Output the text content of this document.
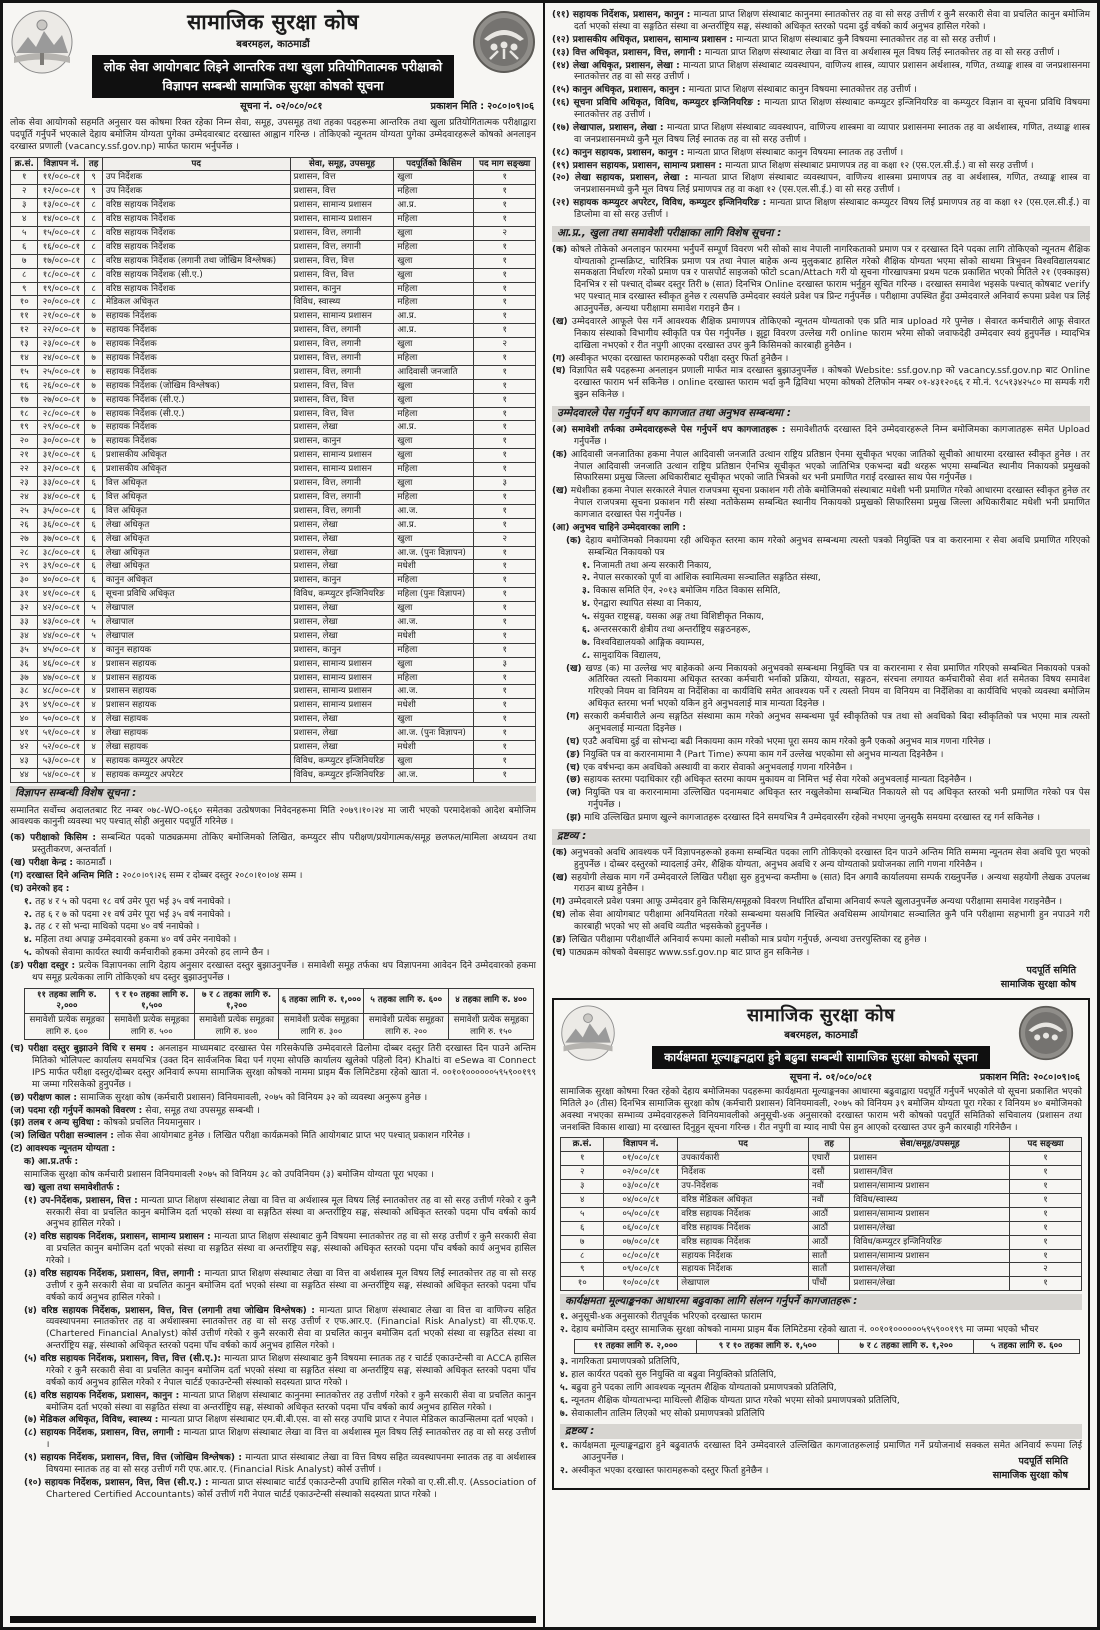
सामाजिक सुरक्षा कोष
बबरमहल, काठमाडौं
लोक सेवा आयोगबाट लिइने आन्तरिक तथा खुला प्रतियोगितात्मक परीक्षाको
विज्ञापन सम्बन्धी सामाजिक सुरक्षा कोषको सूचना
सूचना नं. ०२/०८०/०८१	प्रकाशन मिति : २०८०।०९।०६
लोक सेवा आयोगको सहमति अनुसार यस कोषमा रिक्त रहेका निम्न सेवा, समूह, उपसमूह तथा तहका पदहरूमा आन्तरिक तथा खुला प्रतियोगितात्मक परीक्षाद्वारा पदपूर्ति गर्नुपर्ने भएकाले देहाय बमोजिम योग्यता पुगेका उम्मेदवारबाट दरखास्त आह्वान गरिन्छ । तोकिएको न्यूनतम योग्यता पुगेका उम्मेदवारहरूले कोषको अनलाइन दरखास्त प्रणाली (vacancy.ssf.gov.np) मार्फत फाराम भर्नुपर्नेछ ।
क्र.सं.	विज्ञापन नं.	तह	पद	सेवा, समूह, उपसमूह	पदपूर्तिको किसिम	पद माग सङ्ख्या
१	११/०८०-८१	९	उप निर्देशक	प्रशासन, वित्त	खुला	१
२	१२/०८०-८१	९	उप निर्देशक	प्रशासन, वित्त	महिला	१
३	१३/०८०-८१	८	वरिष्ठ सहायक निर्देशक	प्रशासन, सामान्य प्रशासन	आ.प्र.	१
४	१४/०८०-८१	८	वरिष्ठ सहायक निर्देशक	प्रशासन, सामान्य प्रशासन	महिला	१
५	१५/०८०-८१	८	वरिष्ठ सहायक निर्देशक	प्रशासन, वित्त, लगानी	खुला	२
६	१६/०८०-८१	८	वरिष्ठ सहायक निर्देशक	प्रशासन, वित्त, लगानी	महिला	१
७	१७/०८०-८१	८	वरिष्ठ सहायक निर्देशक (लगानी तथा जोखिम विश्लेषक)	प्रशासन, वित्त, वित्त	खुला	१
८	१८/०८०-८१	८	वरिष्ठ सहायक निर्देशक (सी.ए.)	प्रशासन, वित्त, वित्त	खुला	१
९	१९/०८०-८१	८	वरिष्ठ सहायक निर्देशक	प्रशासन, कानुन	महिला	१
१०	२०/०८०-८१	८	मेडिकल अधिकृत	विविध, स्वास्थ्य	महिला	१
११	२१/०८०-८१	७	सहायक निर्देशक	प्रशासन, सामान्य प्रशासन	आ.प्र.	१
१२	२२/०८०-८१	७	सहायक निर्देशक	प्रशासन, वित्त, लगानी	आ.प्र.	१
१३	२३/०८०-८१	७	सहायक निर्देशक	प्रशासन, वित्त, लगानी	खुला	२
१४	२४/०८०-८१	७	सहायक निर्देशक	प्रशासन, वित्त, लगानी	महिला	१
१५	२५/०८०-८१	७	सहायक निर्देशक	प्रशासन, वित्त, लगानी	आदिवासी जनजाति	१
१६	२६/०८०-८१	७	सहायक निर्देशक (जोखिम विश्लेषक)	प्रशासन, वित्त, वित्त	खुला	१
१७	२७/०८०-८१	७	सहायक निर्देशक (सी.ए.)	प्रशासन, वित्त, वित्त	खुला	१
१८	२८/०८०-८१	७	सहायक निर्देशक (सी.ए.)	प्रशासन, वित्त, वित्त	महिला	१
१९	२९/०८०-८१	७	सहायक निर्देशक	प्रशासन, लेखा	आ.प्र.	१
२०	३०/०८०-८१	७	सहायक निर्देशक	प्रशासन, कानुन	खुला	१
२१	३१/०८०-८१	६	प्रशासकीय अधिकृत	प्रशासन, सामान्य प्रशासन	खुला	१
२२	३२/०८०-८१	६	प्रशासकीय अधिकृत	प्रशासन, सामान्य प्रशासन	महिला	१
२३	३३/०८०-८१	६	वित्त अधिकृत	प्रशासन, वित्त, लगानी	खुला	३
२४	३४/०८०-८१	६	वित्त अधिकृत	प्रशासन, वित्त, लगानी	महिला	१
२५	३५/०८०-८१	६	वित्त अधिकृत	प्रशासन, वित्त, लगानी	आ.ज.	१
२६	३६/०८०-८१	६	लेखा अधिकृत	प्रशासन, लेखा	आ.प्र.	१
२७	३७/०८०-८१	६	लेखा अधिकृत	प्रशासन, लेखा	खुला	२
२८	३८/०८०-८१	६	लेखा अधिकृत	प्रशासन, लेखा	आ.ज. (पुनः विज्ञापन)	१
२९	३९/०८०-८१	६	लेखा अधिकृत	प्रशासन, लेखा	मधेशी	१
३०	४०/०८०-८१	६	कानुन अधिकृत	प्रशासन, कानुन	महिला	१
३१	४१/०८०-८१	६	सूचना प्रविधि अधिकृत	विविध, कम्प्युटर इन्जिनियरिङ	महिला (पुनः विज्ञापन)	१
३२	४२/०८०-८१	५	लेखापाल	प्रशासन, लेखा	खुला	१
३३	४३/०८०-८१	५	लेखापाल	प्रशासन, लेखा	आ.ज.	१
३४	४४/०८०-८१	५	लेखापाल	प्रशासन, लेखा	मधेशी	१
३५	४५/०८०-८१	४	कानुन सहायक	प्रशासन, कानुन	महिला	१
३६	४६/०८०-८१	४	प्रशासन सहायक	प्रशासन, सामान्य प्रशासन	खुला	३
३७	४७/०८०-८१	४	प्रशासन सहायक	प्रशासन, सामान्य प्रशासन	महिला	१
३८	४८/०८०-८१	४	प्रशासन सहायक	प्रशासन, सामान्य प्रशासन	आ.ज.	१
३९	४९/०८०-८१	४	प्रशासन सहायक	प्रशासन, सामान्य प्रशासन	मधेशी	१
४०	५०/०८०-८१	४	लेखा सहायक	प्रशासन, लेखा	खुला	१
४१	५१/०८०-८१	४	लेखा सहायक	प्रशासन, लेखा	आ.ज. (पुनः विज्ञापन)	१
४२	५२/०८०-८१	४	लेखा सहायक	प्रशासन, लेखा	मधेशी	१
४३	५३/०८०-८१	४	सहायक कम्प्युटर अपरेटर	विविध, कम्प्युटर इन्जिनियरिङ	खुला	१
४४	५४/०८०-८१	४	सहायक कम्प्युटर अपरेटर	विविध, कम्प्युटर इन्जिनियरिङ	आ.ज.	१
विज्ञापन सम्बन्धी विशेष सूचना :
सम्मानित सर्वोच्च अदालतबाट रिट नम्बर ०७८-WO-०६६० समेतका उत्प्रेषणका निवेदनहरूमा मिति २०७९।१०।२४ मा जारी भएको परमादेशको आदेश बमोजिम आवश्यक कानुनी व्यवस्था भए पश्चात् सोही अनुसार पदपूर्ति गरिनेछ ।
(क) परीक्षाको किसिम : सम्बन्धित पदको पाठ्यक्रममा तोकिए बमोजिमको लिखित, कम्प्युटर सीप परीक्षण/प्रयोगात्मक/समूह छलफल/मामिला अध्ययन तथा प्रस्तुतीकरण, अन्तर्वार्ता ।
(ख) परीक्षा केन्द्र : काठमाडौं ।
(ग) दरखास्त दिने अन्तिम मिति : २०८०।०९।२६ सम्म र दोब्बर दस्तुर २०८०।१०।०४ सम्म ।
(घ) उमेरको हद :
१. तह ४ र ५ को पदमा १८ वर्ष उमेर पूरा भई ३५ वर्ष ननाघेको ।
२. तह ६ र ७ को पदमा २१ वर्ष उमेर पूरा भई ३५ वर्ष ननाघेको ।
३. तह ८ र सो भन्दा माथिको पदमा ४० वर्ष ननाघेको ।
४. महिला तथा अपाङ्ग उम्मेदवारको हकमा ४० वर्ष उमेर ननाघेको ।
५. कोषको सेवामा कार्यरत स्थायी कर्मचारीको हकमा उमेरको हद लाग्ने छैन ।
(ङ) परीक्षा दस्तुर : प्रत्येक विज्ञापनका लागि देहाय अनुसार दरखास्त दस्तुर बुझाउनुपर्नेछ । समावेशी समूह तर्फका थप विज्ञापनमा आवेदन दिने उम्मेदवारको हकमा थप समूह प्रत्येकका लागि तोकिएको थप दस्तुर बुझाउनुपर्नेछ ।
११ तहका लागि रु. २,०००	९ र १० तहका लागि रु. १,५००	७ र ८ तहका लागि रु. १,२००	६ तहका लागि रु. १,०००	५ तहका लागि रु. ६००	४ तहका लागि रु. ४००
समावेशी प्रत्येक समूहका लागि रु. ६००	समावेशी प्रत्येक समूहका लागि रु. ५००	समावेशी प्रत्येक समूहका लागि रु. ४००	समावेशी प्रत्येक समूहका लागि रु. ३००	समावेशी प्रत्येक समूहका लागि रु. २००	समावेशी प्रत्येक समूहका लागि रु. १५०
(च) परीक्षा दस्तुर बुझाउने विधि र समय : अनलाइन माध्यमबाट दरखास्त पेस गरिसकेपछि उम्मेदवारले ढिलोमा दोब्बर दस्तुर तिरी दरखास्त दिन पाउने अन्तिम मितिको भोलिपल्ट कार्यालय समयभित्र (उक्त दिन सार्वजनिक बिदा पर्न गएमा सोपछि कार्यालय खुलेको पहिलो दिन) Khalti वा eSewa वा Connect IPS मार्फत परीक्षा दस्तुर/दोब्बर दस्तुर अनिवार्य रूपमा सामाजिक सुरक्षा कोषको नाममा प्राइम बैंक लिमिटेडमा रहेको खाता नं. ००१०१००००००५९५९००१९९ मा जम्मा गरिसकेको हुनुपर्नेछ ।
(छ) परीक्षण काल : सामाजिक सुरक्षा कोष (कर्मचारी प्रशासन) विनियमावली, २०७५ को विनियम ३२ को व्यवस्था अनुरूप हुनेछ ।
(ज) पदमा रही गर्नुपर्ने कामको विवरण : सेवा, समूह तथा उपसमूह सम्बन्धी ।
(झ) तलब र अन्य सुविधा : कोषको प्रचलित नियमानुसार ।
(ञ) लिखित परीक्षा सञ्चालन : लोक सेवा आयोगबाट हुनेछ । लिखित परीक्षा कार्यक्रमको मिति आयोगबाट प्राप्त भए पश्चात् प्रकाशन गरिनेछ ।
(ट) आवश्यक न्यूनतम योग्यता :
क) आ.प्र.तर्फ :
सामाजिक सुरक्षा कोष कर्मचारी प्रशासन विनियमावली २०७५ को विनियम ३८ को उपविनियम (३) बमोजिम योग्यता पूरा भएका ।
ख) खुला तथा समावेशीतर्फ :
(१) उप-निर्देशक, प्रशासन, वित्त : मान्यता प्राप्त शिक्षण संस्थाबाट लेखा वा वित्त वा अर्थशास्त्र मूल विषय लिई स्नातकोत्तर तह वा सो सरह उत्तीर्ण गरेको र कुनै सरकारी सेवा वा प्रचलित कानुन बमोजिम दर्ता भएको संस्था वा सङ्गठित संस्था वा अन्तर्राष्ट्रिय सङ्घ, संस्थाको अधिकृत स्तरको पदमा पाँच वर्षको कार्य अनुभव हासिल गरेको ।
(२) वरिष्ठ सहायक निर्देशक, प्रशासन, सामान्य प्रशासन : मान्यता प्राप्त शिक्षण संस्थाबाट कुनै विषयमा स्नातकोत्तर तह वा सो सरह उत्तीर्ण र कुनै सरकारी सेवा वा प्रचलित कानुन बमोजिम दर्ता भएको संस्था वा सङ्गठित संस्था वा अन्तर्राष्ट्रिय सङ्घ, संस्थाको अधिकृत स्तरको पदमा पाँच वर्षको कार्य अनुभव हासिल गरेको ।
(३) वरिष्ठ सहायक निर्देशक, प्रशासन, वित्त, लगानी : मान्यता प्राप्त शिक्षण संस्थाबाट लेखा वा वित्त वा अर्थशास्त्र मूल विषय लिई स्नातकोत्तर तह वा सो सरह उत्तीर्ण र कुनै सरकारी सेवा वा प्रचलित कानुन बमोजिम दर्ता भएको संस्था वा सङ्गठित संस्था वा अन्तर्राष्ट्रिय सङ्घ, संस्थाको अधिकृत स्तरको पदमा पाँच वर्षको कार्य अनुभव हासिल गरेको ।
(४) वरिष्ठ सहायक निर्देशक, प्रशासन, वित्त, वित्त (लगानी तथा जोखिम विश्लेषक) : मान्यता प्राप्त शिक्षण संस्थाबाट लेखा वा वित्त वा वाणिज्य सहित व्यवस्थापनमा स्नातकोत्तर तह वा अर्थशास्त्रमा स्नातकोत्तर तह वा सो सरह उत्तीर्ण र एफ.आर.ए. (Financial Risk Analyst) वा सी.एफ.ए. (Chartered Financial Analyst) कोर्स उत्तीर्ण गरेको र कुनै सरकारी सेवा वा प्रचलित कानुन बमोजिम दर्ता भएको संस्था वा सङ्गठित संस्था वा अन्तर्राष्ट्रिय सङ्घ, संस्थाको अधिकृत स्तरको पदमा पाँच वर्षको कार्य अनुभव हासिल गरेको ।
(५) वरिष्ठ सहायक निर्देशक, प्रशासन, वित्त, वित्त (सी.ए.): मान्यता प्राप्त शिक्षण संस्थाबाट कुनै विषयमा स्नातक तह र चार्टर्ड एकाउन्टेन्सी वा ACCA हासिल गरेको र कुनै सरकारी सेवा वा प्रचलित कानुन बमोजिम दर्ता भएको संस्था वा सङ्गठित संस्था वा अन्तर्राष्ट्रिय सङ्घ, संस्थाको अधिकृत स्तरको पदमा पाँच वर्षको कार्य अनुभव हासिल गरेको र नेपाल चार्टर्ड एकाउन्टेन्सी संस्थाको सदस्यता प्राप्त गरेको ।
(६) वरिष्ठ सहायक निर्देशक, प्रशासन, कानुन : मान्यता प्राप्त शिक्षण संस्थाबाट कानुनमा स्नातकोत्तर तह उत्तीर्ण गरेको र कुनै सरकारी सेवा वा प्रचलित कानुन बमोजिम दर्ता भएको संस्था वा सङ्गठित संस्था वा अन्तर्राष्ट्रिय सङ्घ, संस्थाको अधिकृत स्तरको पदमा पाँच वर्षको कार्य अनुभव हासिल गरेको ।
(७) मेडिकल अधिकृत, विविध, स्वास्थ्य : मान्यता प्राप्त शिक्षण संस्थाबाट एम.बी.बी.एस. वा सो सरह उपाधि प्राप्त र नेपाल मेडिकल काउन्सिलमा दर्ता भएको ।
(८) सहायक निर्देशक, प्रशासन, वित्त, लगानी : मान्यता प्राप्त शिक्षण संस्थाबाट लेखा वा वित्त वा अर्थशास्त्र मूल विषय लिई स्नातकोत्तर तह वा सो सरह उत्तीर्ण ।
(९) सहायक निर्देशक, प्रशासन, वित्त, वित्त (जोखिम विश्लेषक) : मान्यता प्राप्त संस्थाबाट लेखा वा वित्त विषय सहित व्यवस्थापनमा स्नातक तह वा अर्थशास्त्र विषयमा स्नातक तह वा सो सरह उत्तीर्ण गरी एफ.आर.ए. (Financial Risk Analyst) कोर्स उत्तीर्ण ।
(१०) सहायक निर्देशक, प्रशासन, वित्त, वित्त (सी.ए.) : मान्यता प्राप्त संस्थाबाट चार्टर्ड एकाउन्टेन्सी उपाधि हासिल गरेको वा ए.सी.सी.ए. (Association of Chartered Certified Accountants) कोर्स उत्तीर्ण गरी नेपाल चार्टर्ड एकाउन्टेन्सी संस्थाको सदस्यता प्राप्त गरेको ।
(११) सहायक निर्देशक, प्रशासन, कानुन : मान्यता प्राप्त शिक्षण संस्थाबाट कानुनमा स्नातकोत्तर तह वा सो सरह उत्तीर्ण र कुनै सरकारी सेवा वा प्रचलित कानुन बमोजिम दर्ता भएको संस्था वा सङ्गठित संस्था वा अन्तर्राष्ट्रिय सङ्घ, संस्थाको अधिकृत स्तरको पदमा दुई वर्षको कार्य अनुभव हासिल गरेको ।
(१२) प्रशासकीय अधिकृत, प्रशासन, सामान्य प्रशासन : मान्यता प्राप्त शिक्षण संस्थाबाट कुनै विषयमा स्नातकोत्तर तह वा सो सरह उत्तीर्ण ।
(१३) वित्त अधिकृत, प्रशासन, वित्त, लगानी : मान्यता प्राप्त शिक्षण संस्थाबाट लेखा वा वित्त वा अर्थशास्त्र मूल विषय लिई स्नातकोत्तर तह वा सो सरह उत्तीर्ण ।
(१४) लेखा अधिकृत, प्रशासन, लेखा : मान्यता प्राप्त शिक्षण संस्थाबाट व्यवस्थापन, वाणिज्य शास्त्र, व्यापार प्रशासन अर्थशास्त्र, गणित, तथ्याङ्क शास्त्र वा जनप्रशासनमा स्नातकोत्तर तह वा सो सरह उत्तीर्ण ।
(१५) कानुन अधिकृत, प्रशासन, कानुन : मान्यता प्राप्त शिक्षण संस्थाबाट कानुन विषयमा स्नातकोत्तर तह उत्तीर्ण ।
(१६) सूचना प्रविधि अधिकृत, विविध, कम्प्युटर इन्जिनियरिङ : मान्यता प्राप्त शिक्षण संस्थाबाट कम्प्युटर इन्जिनियरिङ वा कम्प्युटर विज्ञान वा सूचना प्रविधि विषयमा स्नातकोत्तर तह उत्तीर्ण ।
(१७) लेखापाल, प्रशासन, लेखा : मान्यता प्राप्त शिक्षण संस्थाबाट व्यवस्थापन, वाणिज्य शास्त्रमा वा व्यापार प्रशासनमा स्नातक तह वा अर्थशास्त्र, गणित, तथ्याङ्क शास्त्र वा जनप्रशासनमध्ये कुनै मूल विषय लिई स्नातक तह वा सो सरह उत्तीर्ण ।
(१८) कानुन सहायक, प्रशासन, कानुन : मान्यता प्राप्त शिक्षण संस्थाबाट कानुन विषयमा स्नातक तह उत्तीर्ण ।
(१९) प्रशासन सहायक, प्रशासन, सामान्य प्रशासन : मान्यता प्राप्त शिक्षण संस्थाबाट प्रमाणपत्र तह वा कक्षा १२ (एस.एल.सी.ई.) वा सो सरह उत्तीर्ण ।
(२०) लेखा सहायक, प्रशासन, लेखा : मान्यता प्राप्त शिक्षण संस्थाबाट व्यवस्थापन, वाणिज्य शास्त्रमा प्रमाणपत्र तह वा अर्थशास्त्र, गणित, तथ्याङ्क शास्त्र वा जनप्रशासनमध्ये कुनै मूल विषय लिई प्रमाणपत्र तह वा कक्षा १२ (एस.एल.सी.ई.) वा सो सरह उत्तीर्ण ।
(२१) सहायक कम्प्युटर अपरेटर, विविध, कम्प्युटर इन्जिनियरिङ : मान्यता प्राप्त शिक्षण संस्थाबाट कम्प्युटर विषय लिई प्रमाणपत्र तह वा कक्षा १२ (एस.एल.सी.ई.) वा डिप्लोमा वा सो सरह उत्तीर्ण ।
आ.प्र., खुला तथा समावेशी परीक्षाका लागि विशेष सूचना :
(क) कोषले तोकेको अनलाइन फारममा भर्नुपर्ने सम्पूर्ण विवरण भरी सोको साथ नेपाली नागरिकताको प्रमाण पत्र र दरखास्त दिने पदका लागि तोकिएको न्यूनतम शैक्षिक योग्यताको ट्रान्सक्रिप्ट, चारित्रिक प्रमाण पत्र तथा नेपाल बाहेक अन्य मुलुकबाट हासिल गरेको शैक्षिक योग्यता भएमा सोको साथमा त्रिभुवन विश्वविद्यालयबाट समकक्षता निर्धारण गरेको प्रमाण पत्र र पासपोर्ट साइजको फोटो scan/Attach गरी यो सूचना गोरखापत्रमा प्रथम पटक प्रकाशित भएको मितिले २१ (एक्काइस) दिनभित्र र सो पश्चात् दोब्बर दस्तुर तिरी ७ (सात) दिनभित्र Online दरखास्त फाराम भर्नुहुन सूचित गरिन्छ । दरखास्त समावेश भइसके पश्चात् कोषबाट verify भए पश्चात् मात्र दरखास्त स्वीकृत हुनेछ र त्यसपछि उम्मेदवार स्वयंले प्रवेश पत्र प्रिन्ट गर्नुपर्नेछ । परीक्षामा उपस्थित हुँदा उम्मेदवारले अनिवार्य रूपमा प्रवेश पत्र लिई आउनुपर्नेछ, अन्यथा परीक्षामा समावेश गराइने छैन ।
(ख) उम्मेदवारले आफूले पेस गर्ने आवश्यक शैक्षिक प्रमाणपत्र तोकिएको न्यूनतम योग्यताको एक प्रति मात्र upload गरे पुग्नेछ । सेवारत कर्मचारीले आफू सेवारत निकाय संस्थाको विभागीय स्वीकृति पत्र पेस गर्नुपर्नेछ । झुट्टा विवरण उल्लेख गरी online फाराम भरेमा सोको जवाफदेही उम्मेदवार स्वयं हुनुपर्नेछ । म्यादभित्र दाखिला नभएको र रीत नपुगी आएका दरखास्त उपर कुनै किसिमको कारबाही हुनेछैन ।
(ग) अस्वीकृत भएका दरखास्त फारामहरूको परीक्षा दस्तुर फिर्ता हुनेछैन ।
(घ) विज्ञापित सबै पदहरूमा अनलाइन प्रणाली मार्फत मात्र दरखास्त बुझाउनुपर्नेछ । कोषको Website: ssf.gov.np को vacancy.ssf.gov.np बाट Online दरखास्त फाराम भर्न सकिनेछ । online दरखास्त फाराम भर्दा कुनै द्विविधा भएमा कोषको टेलिफोन नम्बर ०१-४३१२०६६ र मो.नं. ९८५१३४२५८० मा सम्पर्क गरी बुझ्न सकिनेछ ।
उम्मेदवारले पेस गर्नुपर्ने थप कागजात तथा अनुभव सम्बन्धमा :
(अ) समावेशी तर्फका उम्मेदवारहरूले पेस गर्नुपर्ने थप कागजातहरू : समावेशीतर्फ दरखास्त दिने उम्मेदवारहरूले निम्न बमोजिमका कागजातहरू समेत Upload गर्नुपर्नेछ ।
(क) आदिवासी जनजातिका हकमा नेपाल आदिवासी जनजाति उत्थान राष्ट्रिय प्रतिष्ठान ऐनमा सूचीकृत भएका जातिको सूचीको आधारमा दरखास्त स्वीकृत हुनेछ । तर नेपाल आदिवासी जनजाति उत्थान राष्ट्रिय प्रतिष्ठान ऐनभित्र सूचीकृत भएको जातिभित्र एकभन्दा बढी थरहरू भएमा सम्बन्धित स्थानीय निकायको प्रमुखको सिफारिसमा प्रमुख जिल्ला अधिकारीबाट सूचीकृत भएको जाति भित्रको थर भनी प्रमाणित गराई दरखास्त साथ पेस गर्नुपर्नेछ ।
(ख) मधेशीका हकमा नेपाल सरकारले नेपाल राजपत्रमा सूचना प्रकाशन गरी तोके बमोजिमको संस्थाबाट मधेशी भनी प्रमाणित गरेको आधारमा दरखास्त स्वीकृत हुनेछ तर नेपाल राजपत्रमा सूचना प्रकाशन गरी संस्था नतोकेसम्म सम्बन्धित स्थानीय निकायको प्रमुखको सिफारिसमा प्रमुख जिल्ला अधिकारीबाट मधेशी भनी प्रमाणित कागजात दरखास्त पेस गर्नुपर्नेछ ।
(आ) अनुभव चाहिने उम्मेदवारका लागि :
(क) देहाय बमोजिमको निकायमा रही अधिकृत स्तरमा काम गरेको अनुभव सम्बन्धमा त्यस्तो पत्रको नियुक्ति पत्र वा करारनामा र सेवा अवधि प्रमाणित गरिएको सम्बन्धित निकायको पत्र
१. निजामती तथा अन्य सरकारी निकाय,
२. नेपाल सरकारको पूर्ण वा आंशिक स्वामित्वमा सञ्चालित सङ्गठित संस्था,
३. विकास समिति ऐन, २०१३ बमोजिम गठित विकास समिति,
४. ऐनद्वारा स्थापित संस्था वा निकाय,
५. संयुक्त राष्ट्रसङ्घ, यसका अङ्ग तथा विशिष्टीकृत निकाय,
६. अन्तरसरकारी क्षेत्रीय तथा अन्तर्राष्ट्रिय सङ्गठनहरू,
७. विश्वविद्यालयको आङ्गिक क्याम्पस,
८. सामुदायिक विद्यालय,
(ख) खण्ड (क) मा उल्लेख भए बाहेकको अन्य निकायको अनुभवको सम्बन्धमा नियुक्ति पत्र वा करारनामा र सेवा प्रमाणित गरिएको सम्बन्धित निकायको पत्रको अतिरिक्त त्यस्तो निकायमा अधिकृत स्तरका कर्मचारी भर्नाको प्रक्रिया, योग्यता, सङ्गठन, संरचना लगायत कर्मचारीको सेवा शर्त समेतका विषय समावेश गरिएको नियम वा विनियम वा निर्देशिका वा कार्यविधि समेत आवश्यक पर्ने र त्यस्तो नियम वा विनियम वा निर्देशिका वा कार्यविधि भएको व्यवस्था बमोजिम अधिकृत स्तरमा भर्ना भएको यकिन हुने अनुभवलाई मात्र मान्यता दिइनेछ ।
(ग) सरकारी कर्मचारीले अन्य सङ्गठित संस्थामा काम गरेको अनुभव सम्बन्धमा पूर्व स्वीकृतिको पत्र तथा सो अवधिको बिदा स्वीकृतिको पत्र भएमा मात्र त्यस्तो अनुभवलाई मान्यता दिइनेछ ।
(घ) एउटै अवधिमा दुई वा सोभन्दा बढी निकायमा काम गरेको भएमा पूरा समय काम गरेको कुनै एकको अनुभव मात्र गणना गरिनेछ ।
(ङ) नियुक्ति पत्र वा करारनामामा नै (Part Time) रूपमा काम गर्ने उल्लेख भएकोमा सो अनुभव मान्यता दिइनेछैन ।
(च) एक वर्षभन्दा कम अवधिको अस्थायी वा करार सेवाको अनुभवलाई गणना गरिनेछैन ।
(छ) सहायक स्तरमा पदाधिकार रही अधिकृत स्तरमा कायम मुकायम वा निमित्त भई सेवा गरेको अनुभवलाई मान्यता दिइनेछैन ।
(ज) नियुक्ति पत्र वा करारनामामा उल्लिखित पदनामबाट अधिकृत स्तर नखुलेकोमा सम्बन्धित निकायले सो पद अधिकृत स्तरको भनी प्रमाणित गरेको पत्र पेस गर्नुपर्नेछ ।
(झ) माथि उल्लिखित प्रमाण खुल्ने कागजातहरू दरखास्त दिने समयभित्र नै उम्मेदवारसँग रहेको नभएमा जुनसुकै समयमा दरखास्त रद्द गर्न सकिनेछ ।
द्रष्टव्य :
(क) अनुभवको अवधि आवश्यक पर्ने विज्ञापनहरूको हकमा सम्बन्धित पदका लागि तोकिएको दरखास्त दिन पाउने अन्तिम मिति सम्ममा न्यूनतम सेवा अवधि पूरा भएको हुनुपर्नेछ । दोब्बर दस्तुरको म्यादलाई उमेर, शैक्षिक योग्यता, अनुभव अवधि र अन्य योग्यताको प्रयोजनका लागि गणना गरिनेछैन ।
(ख) सहयोगी लेखक माग गर्ने उम्मेदवारले लिखित परीक्षा सुरु हुनुभन्दा कम्तीमा ७ (सात) दिन अगावै कार्यालयमा सम्पर्क राख्नुपर्नेछ । अन्यथा सहयोगी लेखक उपलब्ध गराउन बाध्य हुनेछैन ।
(ग) उम्मेदवारले प्रवेश पत्रमा आफू उम्मेदवार हुने किसिम/समूहको विवरण निर्धारित ढाँचामा अनिवार्य रूपले खुलाउनुपर्नेछ अन्यथा परीक्षामा समावेश गराइनेछैन ।
(घ) लोक सेवा आयोगबाट परीक्षामा अनियमितता गरेको सम्बन्धमा यसअघि निश्चित अवधिसम्म आयोगबाट सञ्चालित कुनै पनि परीक्षामा सहभागी हुन नपाउने गरी कारबाही भएको भए सो अवधि व्यतीत भइसकेको हुनुपर्नेछ ।
(ङ) लिखित परीक्षामा परीक्षार्थीले अनिवार्य रूपमा कालो मसीको मात्र प्रयोग गर्नुपर्छ, अन्यथा उत्तरपुस्तिका रद्द हुनेछ ।
(च) पाठ्यक्रम कोषको वेबसाइट www.ssf.gov.np बाट प्राप्त हुन सकिनेछ ।
पदपूर्ति समिति
सामाजिक सुरक्षा कोष
सामाजिक सुरक्षा कोष
बबरमहल, काठमाडौं
कार्यक्षमता मूल्याङ्कनद्वारा हुने बढुवा सम्बन्धी सामाजिक सुरक्षा कोषको सूचना
सूचना नं. ०१/०८०/०८१	प्रकाशन मिति: २०८०।०९।०६
सामाजिक सुरक्षा कोषमा रिक्त रहेको देहाय बमोजिमका पदहरूमा कार्यक्षमता मूल्याङ्कनका आधारमा बढुवाद्वारा पदपूर्ति गर्नुपर्ने भएकोले यो सूचना प्रकाशित भएको मितिले ३० (तीस) दिनभित्र सामाजिक सुरक्षा कोष (कर्मचारी प्रशासन) विनियमावली, २०७५ को विनियम ३९ बमोजिम योग्यता पूरा गरेका र विनियम ४० बमोजिमको अवस्था नभएका सम्भाव्य उम्मेदवारहरूले विनियमावलीको अनुसूची-४क अनुसारको दरखास्त फाराम भरी कोषको पदपूर्ति समितिको सचिवालय (प्रशासन तथा जनशक्ति विकास शाखा) मा दरखास्त दिनुहुन सूचना गरिन्छ । रीत नपुगी वा म्याद नाघी पेस हुन आएको दरखास्त उपर कुनै कारबाही गरिनेछैन ।
क्र.सं.	विज्ञापन नं.	पद	तह	सेवा/समूह/उपसमूह	पद सङ्ख्या
१	०१/०८०/८१	उपकार्यकारी	एघारौं	प्रशासन	१
२	०२/०८०/८१	निर्देशक	दसौं	प्रशासन/वित्त	१
३	०३/०८०/८१	उप-निर्देशक	नवौं	प्रशासन/सामान्य प्रशासन	१
४	०४/०८०/८१	वरिष्ठ मेडिकल अधिकृत	नवौं	विविध/स्वास्थ्य	१
५	०५/०८०/८१	वरिष्ठ सहायक निर्देशक	आठौं	प्रशासन/सामान्य प्रशासन	१
६	०६/०८०/८१	वरिष्ठ सहायक निर्देशक	आठौं	प्रशासन/लेखा	१
७	०७/०८०/८१	वरिष्ठ सहायक निर्देशक	आठौं	विविध/कम्प्युटर इन्जिनियरिङ	१
८	०८/०८०/८१	सहायक निर्देशक	सातौं	प्रशासन/सामान्य प्रशासन	१
९	०९/०८०/८१	सहायक निर्देशक	सातौं	प्रशासन/लेखा	२
१०	१०/०८०/८१	लेखापाल	पाँचौं	प्रशासन/लेखा	१
कार्यक्षमता मूल्याङ्कनका आधारमा बढुवाका लागि संलग्न गर्नुपर्ने कागजातहरू :
१. अनुसूची-४क अनुसारको रीतपूर्वक भरिएको दरखास्त फाराम
२. देहाय बमोजिम दस्तुर सामाजिक सुरक्षा कोषको नाममा प्राइम बैंक लिमिटेडमा रहेको खाता नं. ००१०१००००००५९५९००१९९ मा जम्मा भएको भौचर
११ तहका लागि रु. २,०००	९ र १० तहका लागि रु. १,५००	७ र ८ तहका लागि रु. १,२००	५ तहका लागि रु. ६००
३. नागरिकता प्रमाणपत्रको प्रतिलिपि,
४. हाल कार्यरत पदको सुरु नियुक्ति वा बढुवा नियुक्तिको प्रतिलिपि,
५. बढुवा हुने पदका लागि आवश्यक न्यूनतम शैक्षिक योग्यताको प्रमाणपत्रको प्रतिलिपि,
६. न्यूनतम शैक्षिक योग्यताभन्दा माथिल्लो शैक्षिक योग्यता प्राप्त गरेको भएमा सोको प्रमाणपत्रको प्रतिलिपि,
७. सेवाकालीन तालिम लिएको भए सोको प्रमाणपत्रको प्रतिलिपि
द्रष्टव्य :
१. कार्यक्षमता मूल्याङ्कनद्वारा हुने बढुवातर्फ दरखास्त दिने उम्मेदवारले उल्लिखित कागजातहरूलाई प्रमाणित गर्ने प्रयोजनार्थ सक्कल समेत अनिवार्य रूपमा लिई आउनुपर्नेछ ।
२. अस्वीकृत भएका दरखास्त फारामहरूको दस्तुर फिर्ता हुनेछैन ।
पदपूर्ति समिति
सामाजिक सुरक्षा कोष
